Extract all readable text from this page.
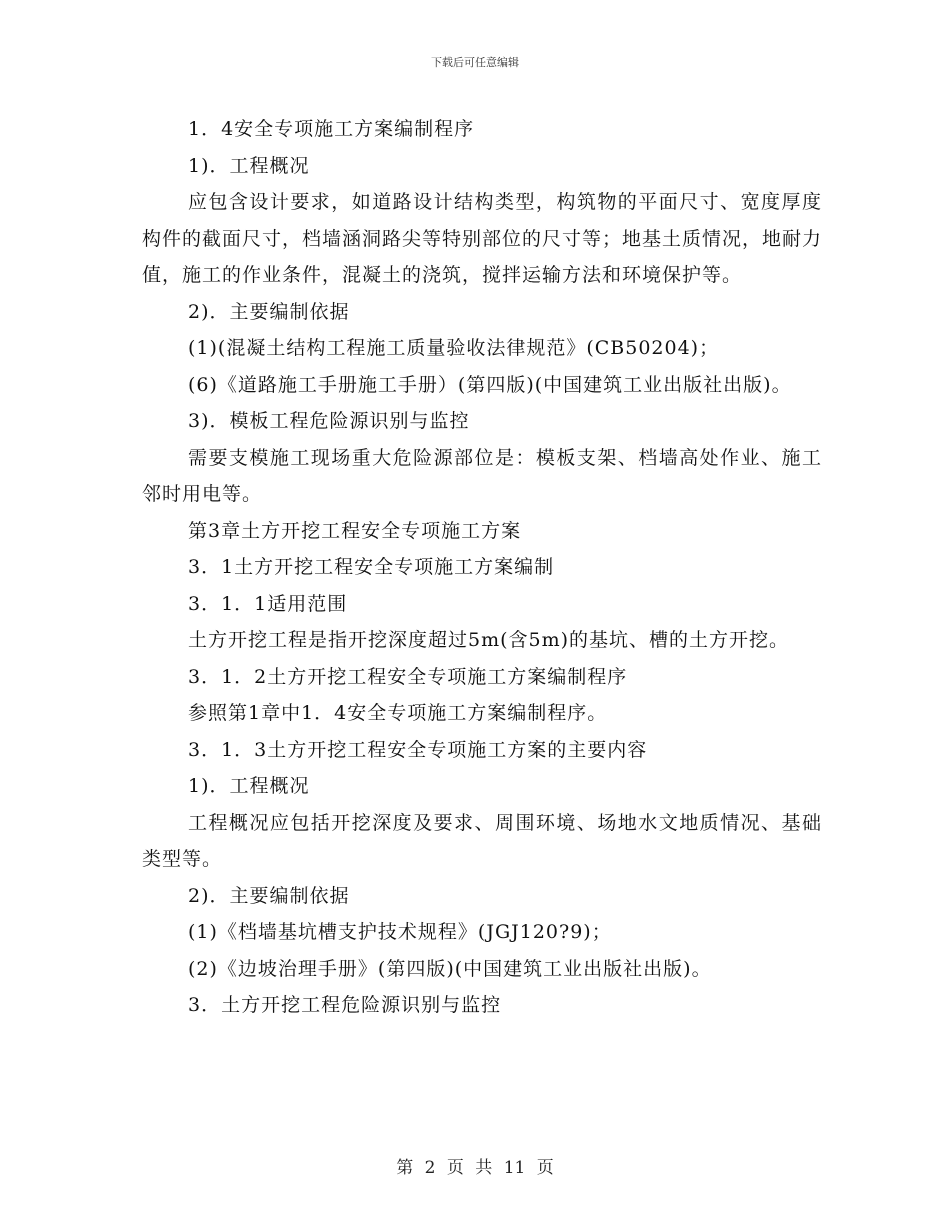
下载后可任意编辑

1．4安全专项施工方案编制程序

1)．工程概况

应包含设计要求，如道路设计结构类型，构筑物的平面尺寸、宽度厚度构件的截面尺寸，档墙涵洞路尖等特别部位的尺寸等；地基土质情况，地耐力值，施工的作业条件，混凝土的浇筑，搅拌运输方法和环境保护等。

2)．主要编制依据

(1)(混凝土结构工程施工质量验收法律规范》(CB50204)；

(6)《道路施工手册施工手册）(第四版)(中国建筑工业出版社出版)。

3)．模板工程危险源识别与监控

需要支模施工现场重大危险源部位是：模板支架、档墙高处作业、施工邻时用电等。

第3章土方开挖工程安全专项施工方案

3．1土方开挖工程安全专项施工方案编制

3．1．1适用范围

土方开挖工程是指开挖深度超过5m(含5m)的基坑、槽的土方开挖。

3．1．2土方开挖工程安全专项施工方案编制程序

参照第1章中1．4安全专项施工方案编制程序。

3．1．3土方开挖工程安全专项施工方案的主要内容

1)．工程概况

工程概况应包括开挖深度及要求、周围环境、场地水文地质情况、基础类型等。

2)．主要编制依据

(1)《档墙基坑槽支护技术规程》(JGJ120?9)；

(2)《边坡治理手册》(第四版)(中国建筑工业出版社出版)。

3．土方开挖工程危险源识别与监控

第 2 页 共 11 页
